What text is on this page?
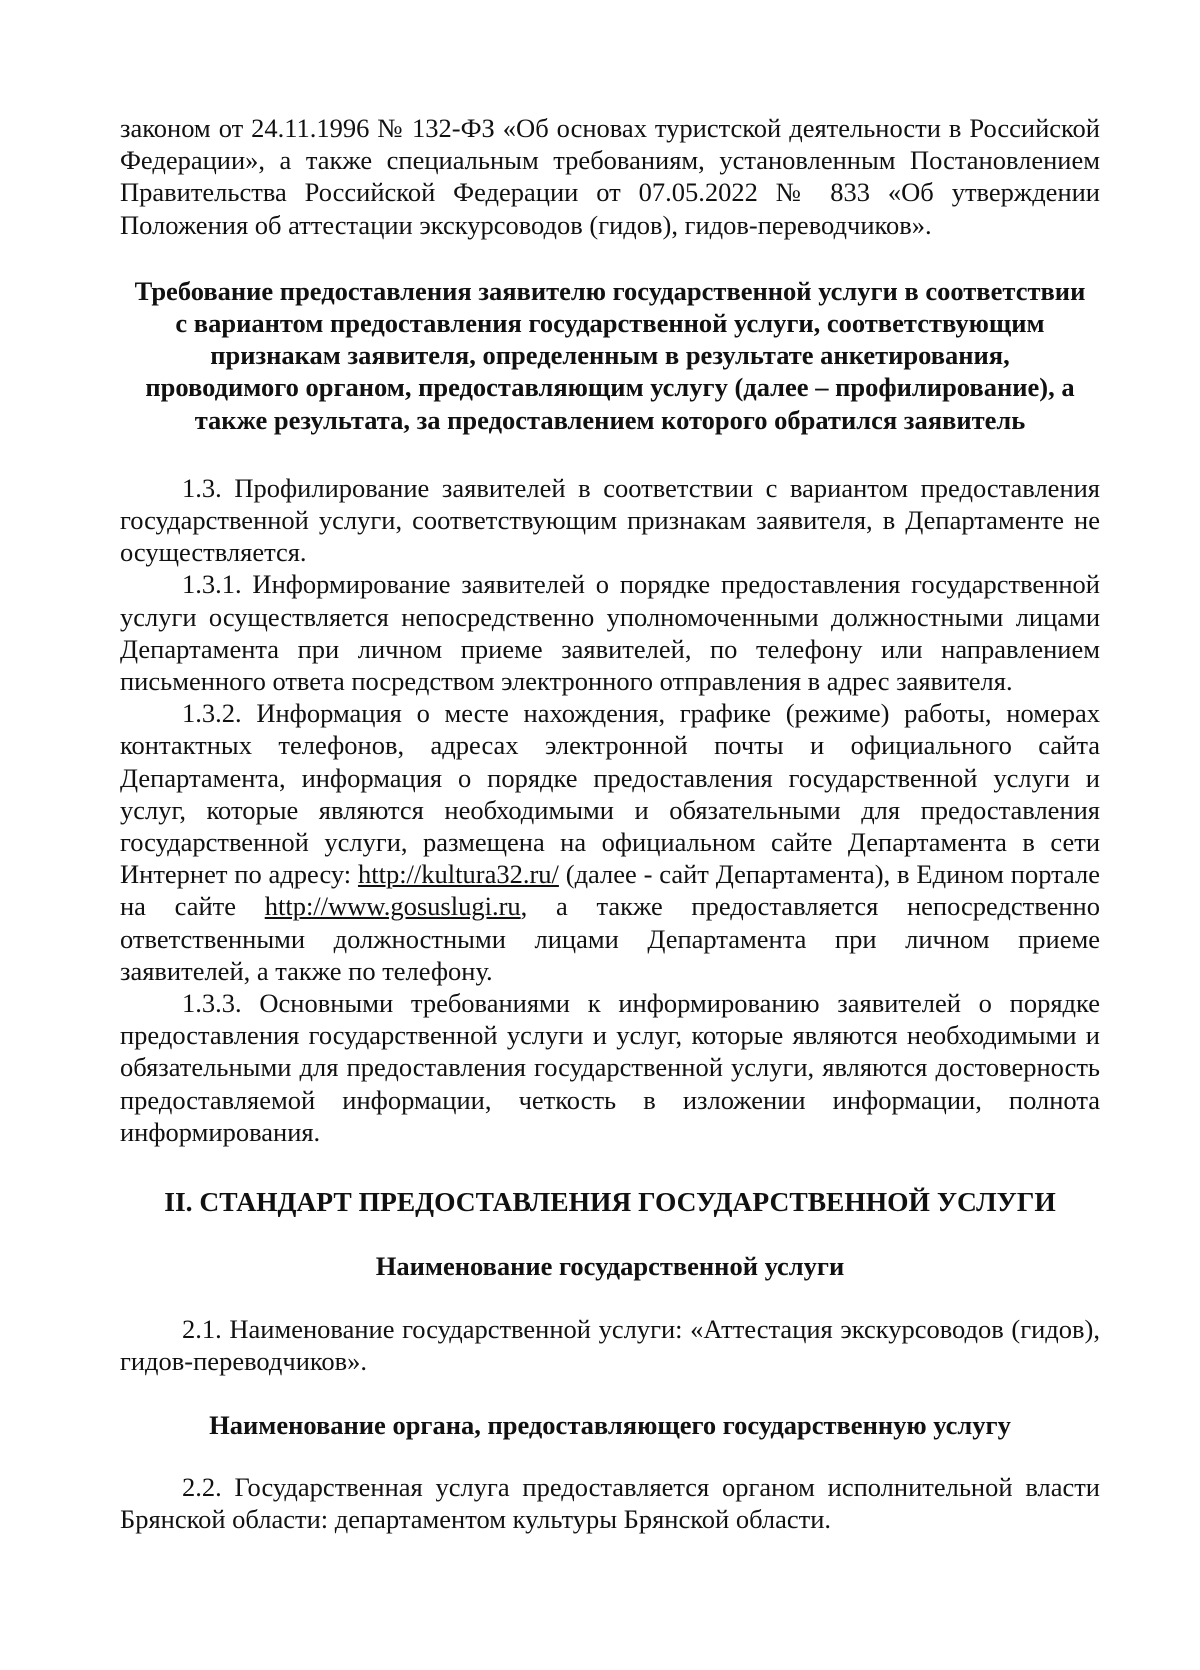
законом от 24.11.1996 № 132-ФЗ «Об основах туристской деятельности в Российской Федерации», а также специальным требованиям, установленным Постановлением Правительства Российской Федерации от 07.05.2022 № 833 «Об утверждении Положения об аттестации экскурсоводов (гидов), гидов-переводчиков».

Требование предоставления заявителю государственной услуги в соответствии с вариантом предоставления государственной услуги, соответствующим признакам заявителя, определенным в результате анкетирования, проводимого органом, предоставляющим услугу (далее – профилирование), а также результата, за предоставлением которого обратился заявитель

1.3. Профилирование заявителей в соответствии с вариантом предоставления государственной услуги, соответствующим признакам заявителя, в Департаменте не осуществляется.

1.3.1. Информирование заявителей о порядке предоставления государственной услуги осуществляется непосредственно уполномоченными должностными лицами Департамента при личном приеме заявителей, по телефону или направлением письменного ответа посредством электронного отправления в адрес заявителя.

1.3.2. Информация о месте нахождения, графике (режиме) работы, номерах контактных телефонов, адресах электронной почты и официального сайта Департамента, информация о порядке предоставления государственной услуги и услуг, которые являются необходимыми и обязательными для предоставления государственной услуги, размещена на официальном сайте Департамента в сети Интернет по адресу: http://kultura32.ru/ (далее - сайт Департамента), в Едином портале на сайте http://www.gosuslugi.ru, а также предоставляется непосредственно ответственными должностными лицами Департамента при личном приеме заявителей, а также по телефону.

1.3.3. Основными требованиями к информированию заявителей о порядке предоставления государственной услуги и услуг, которые являются необходимыми и обязательными для предоставления государственной услуги, являются достоверность предоставляемой информации, четкость в изложении информации, полнота информирования.

II. СТАНДАРТ ПРЕДОСТАВЛЕНИЯ ГОСУДАРСТВЕННОЙ УСЛУГИ

Наименование государственной услуги

2.1. Наименование государственной услуги: «Аттестация экскурсоводов (гидов), гидов-переводчиков».

Наименование органа, предоставляющего государственную услугу

2.2. Государственная услуга предоставляется органом исполнительной власти Брянской области: департаментом культуры Брянской области.
